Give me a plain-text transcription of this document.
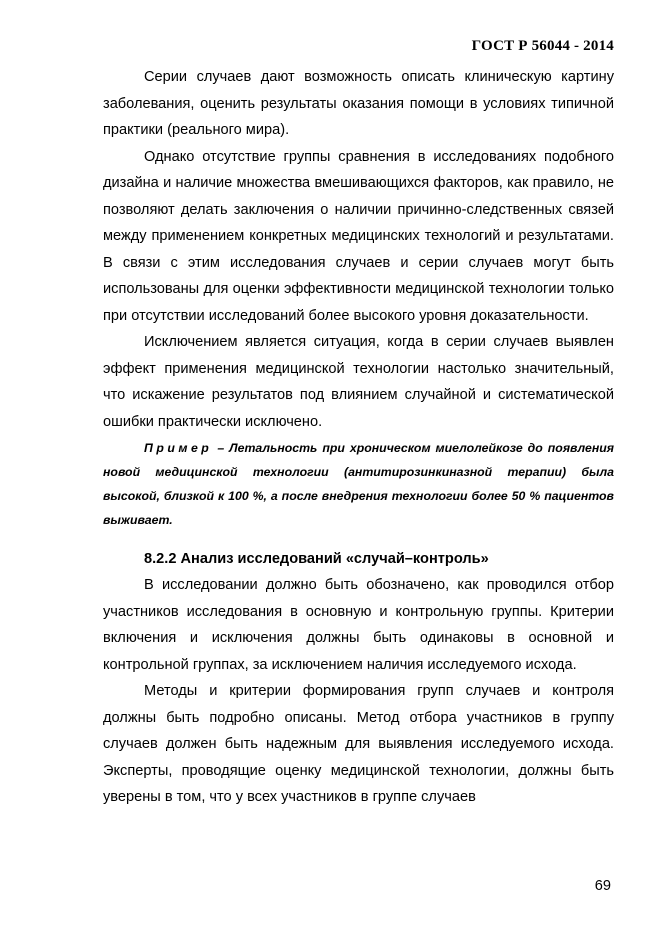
ГОСТ Р 56044 - 2014

Серии случаев дают возможность описать клиническую картину заболевания, оценить результаты оказания помощи в условиях типичной практики (реального мира).

Однако отсутствие группы сравнения в исследованиях подобного дизайна и наличие множества вмешивающихся факторов, как правило, не позволяют делать заключения о наличии причинно-следственных связей между применением конкретных медицинских технологий и результатами. В связи с этим исследования случаев и серии случаев могут быть использованы для оценки эффективности медицинской технологии только при отсутствии исследований более высокого уровня доказательности.

Исключением является ситуация, когда в серии случаев выявлен эффект применения медицинской технологии настолько значительный, что искажение результатов под влиянием случайной и систематической ошибки практически исключено.

Пример – Летальность при хроническом миелолейкозе до появления новой медицинской технологии (антитирозинкиназной терапии) была высокой, близкой к 100 %, а после внедрения технологии более 50 % пациентов выживает.

8.2.2 Анализ исследований «случай–контроль»

В исследовании должно быть обозначено, как проводился отбор участников исследования в основную и контрольную группы. Критерии включения и исключения должны быть одинаковы в основной и контрольной группах, за исключением наличия исследуемого исхода.

Методы и критерии формирования групп случаев и контроля должны быть подробно описаны. Метод отбора участников в группу случаев должен быть надежным для выявления исследуемого исхода. Эксперты, проводящие оценку медицинской технологии, должны быть уверены в том, что у всех участников в группе случаев

69
